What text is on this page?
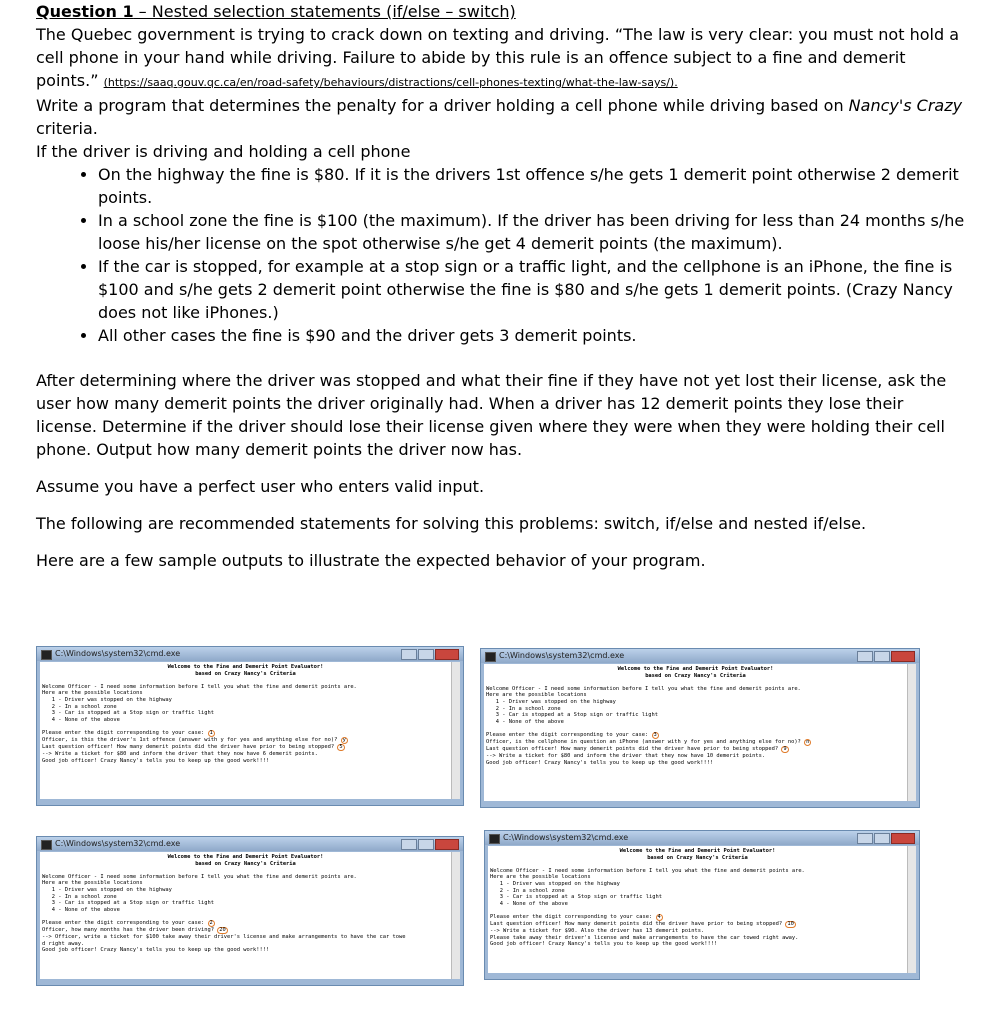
Question 1 – Nested selection statements (if/else – switch)

The Quebec government is trying to crack down on texting and driving. “The law is very clear: you must not hold a cell phone in your hand while driving. Failure to abide by this rule is an offence subject to a fine and demerit points.” (https://saaq.gouv.qc.ca/en/road-safety/behaviours/distractions/cell-phones-texting/what-the-law-says/).

Write a program that determines the penalty for a driver holding a cell phone while driving based on Nancy's Crazy criteria.

If the driver is driving and holding a cell phone

• On the highway the fine is $80. If it is the drivers 1st offence s/he gets 1 demerit point otherwise 2 demerit points.
• In a school zone the fine is $100 (the maximum). If the driver has been driving for less than 24 months s/he loose his/her license on the spot otherwise s/he get 4 demerit points (the maximum).
• If the car is stopped, for example at a stop sign or a traffic light, and the cellphone is an iPhone, the fine is $100 and s/he gets 2 demerit point otherwise the fine is $80 and s/he gets 1 demerit points. (Crazy Nancy does not like iPhones.)
• All other cases the fine is $90 and the driver gets 3 demerit points.

After determining where the driver was stopped and what their fine if they have not yet lost their license, ask the user how many demerit points the driver originally had. When a driver has 12 demerit points they lose their license. Determine if the driver should lose their license given where they were when they were holding their cell phone. Output how many demerit points the driver now has.

Assume you have a perfect user who enters valid input.

The following are recommended statements for solving this problems: switch, if/else and nested if/else.

Here are a few sample outputs to illustrate the expected behavior of your program.

C:\Windows\system32\cmd.exe
Welcome to the Fine and Demerit Point Evaluator!
based on Crazy Nancy's Criteria

Welcome Officer - I need some information before I tell you what the fine and demerit points are.
Here are the possible locations
1 - Driver was stopped on the highway
2 - In a school zone
3 - Car is stopped at a Stop sign or traffic light
4 - None of the above

Please enter the digit corresponding to your case: 1
Officer, is this the driver's 1st offence (answer with y for yes and anything else for no)? y
Last question officer! How many demerit points did the driver have prior to being stopped? 5
--> Write a ticket for $80 and inform the driver that they now have 6 demerit points.
Good job officer! Crazy Nancy's tells you to keep up the good work!!!!
C:\Windows\system32\cmd.exe
Welcome to the Fine and Demerit Point Evaluator!
based on Crazy Nancy's Criteria

Welcome Officer - I need some information before I tell you what the fine and demerit points are.
Here are the possible locations
1 - Driver was stopped on the highway
2 - In a school zone
3 - Car is stopped at a Stop sign or traffic light
4 - None of the above

Please enter the digit corresponding to your case: 3
Officer, is the cellphone in question an iPhone (answer with y for yes and anything else for no)? n
Last question officer! How many demerit points did the driver have prior to being stopped? 9
--> Write a ticket for $80 and inform the driver that they now have 10 demerit points.
Good job officer! Crazy Nancy's tells you to keep up the good work!!!!
C:\Windows\system32\cmd.exe
Welcome to the Fine and Demerit Point Evaluator!
based on Crazy Nancy's Criteria

Welcome Officer - I need some information before I tell you what the fine and demerit points are.
Here are the possible locations
1 - Driver was stopped on the highway
2 - In a school zone
3 - Car is stopped at a Stop sign or traffic light
4 - None of the above

Please enter the digit corresponding to your case: 2
Officer, how many months has the driver been driving? 20
--> Officer, write a ticket for $100 take away their driver's license and make arrangements to have the car towe
d right away.
Good job officer! Crazy Nancy's tells you to keep up the good work!!!!
C:\Windows\system32\cmd.exe
Welcome to the Fine and Demerit Point Evaluator!
based on Crazy Nancy's Criteria

Welcome Officer - I need some information before I tell you what the fine and demerit points are.
Here are the possible locations
1 - Driver was stopped on the highway
2 - In a school zone
3 - Car is stopped at a Stop sign or traffic light
4 - None of the above

Please enter the digit corresponding to your case: 4
Last question officer! How many demerit points did the driver have prior to being stopped? 10
--> Write a ticket for $90. Also the driver has 13 demerit points.
Please take away their driver's license and make arrangements to have the car towed right away.
Good job officer! Crazy Nancy's tells you to keep up the good work!!!!
